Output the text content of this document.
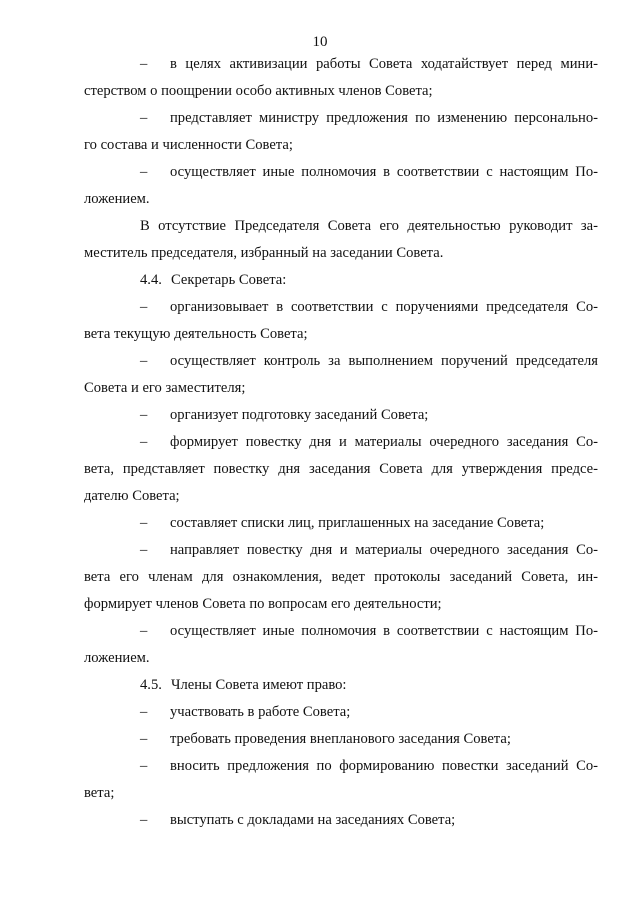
10
– в целях активизации работы Совета ходатайствует перед мини-
стерством о поощрении особо активных членов Совета;
– представляет министру предложения по изменению персонально-
го состава и численности Совета;
– осуществляет иные полномочия в соответствии с настоящим По-
ложением.
В отсутствие Председателя Совета его деятельностью руководит за-
меститель председателя, избранный на заседании Совета.
4.4. Секретарь Совета:
– организовывает в соответствии с поручениями председателя Со-
вета текущую деятельность Совета;
– осуществляет контроль за выполнением поручений председателя
Совета и его заместителя;
– организует подготовку заседаний Совета;
– формирует повестку дня и материалы очередного заседания Со-
вета, представляет повестку дня заседания Совета для утверждения предсе-
дателю Совета;
– составляет списки лиц, приглашенных на заседание Совета;
– направляет повестку дня и материалы очередного заседания Со-
вета его членам для ознакомления, ведет протоколы заседаний Совета, ин-
формирует членов Совета по вопросам его деятельности;
– осуществляет иные полномочия в соответствии с настоящим По-
ложением.
4.5. Члены Совета имеют право:
– участвовать в работе Совета;
– требовать проведения внепланового заседания Совета;
– вносить предложения по формированию повестки заседаний Со-
вета;
– выступать с докладами на заседаниях Совета;
